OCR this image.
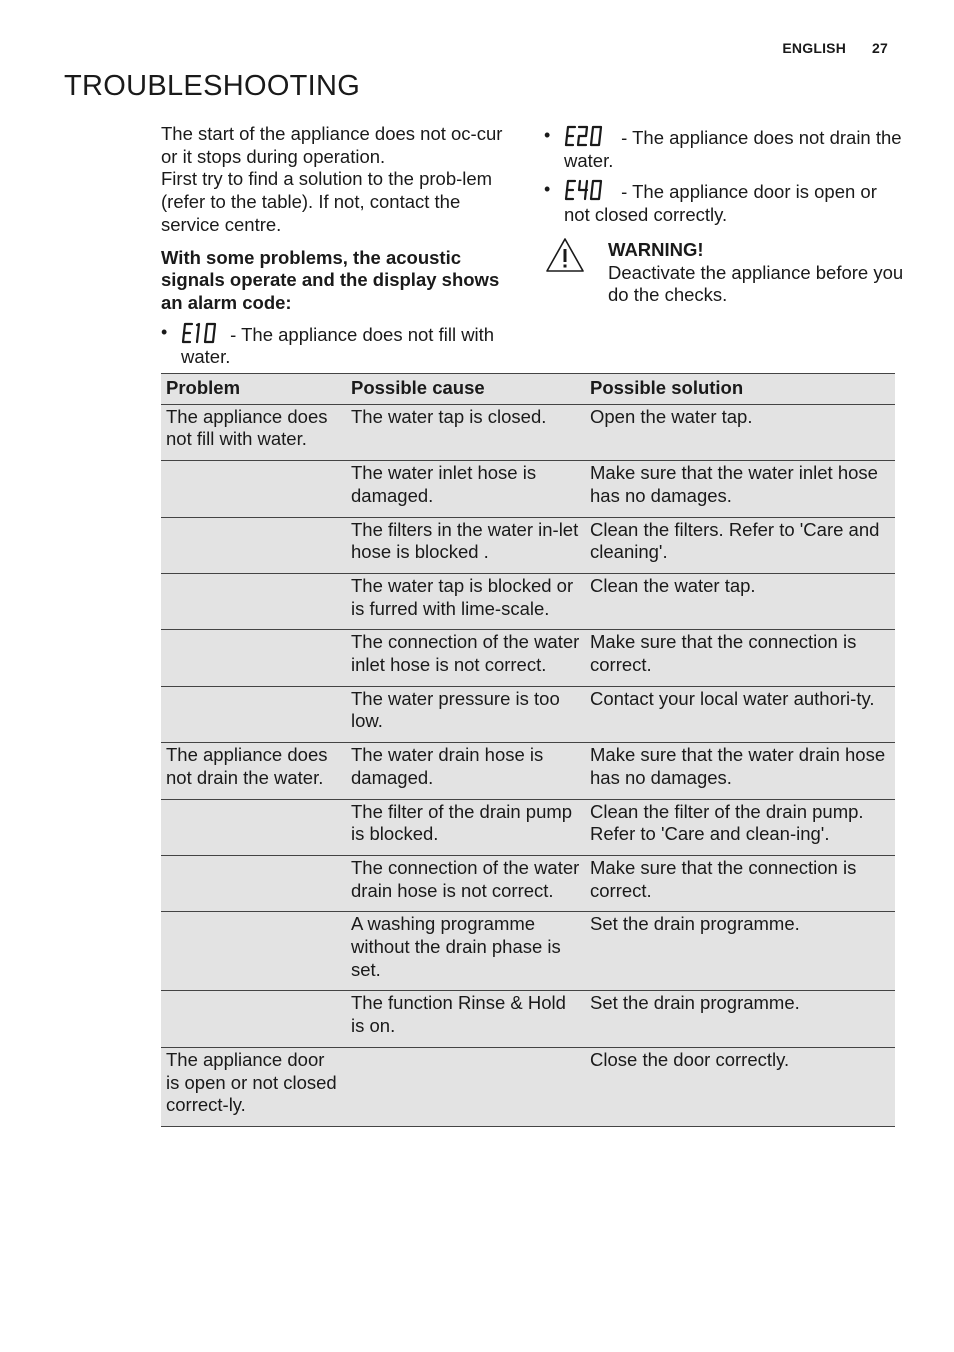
ENGLISH 27
TROUBLESHOOTING

The start of the appliance does not oc-cur or it stops during operation.

First try to find a solution to the prob-lem (refer to the table). If not, contact the service centre.

With some problems, the acoustic signals operate and the display shows an alarm code:

•	- The appliance does not fill with water.
•	- The appliance does not drain the water.
•	- The appliance door is open or not closed correctly.
WARNING!
Deactivate the appliance before you do the checks.
Problem	Possible cause	Possible solution
The appliance does not fill with water.	The water tap is closed.	Open the water tap.
	The water inlet hose is damaged.	Make sure that the water inlet hose has no damages.
	The filters in the water in-let hose is blocked .	Clean the filters. Refer to 'Care and cleaning'.
	The water tap is blocked or is furred with lime-scale.	Clean the water tap.
	The connection of the water inlet hose is not correct.	Make sure that the connection is correct.
	The water pressure is too low.	Contact your local water authori-ty.
The appliance does not drain the water.	The water drain hose is damaged.	Make sure that the water drain hose has no damages.
	The filter of the drain pump is blocked.	Clean the filter of the drain pump. Refer to 'Care and clean-ing'.
	The connection of the water drain hose is not correct.	Make sure that the connection is correct.
	A washing programme without the drain phase is set.	Set the drain programme.
	The function Rinse & Hold is on.	Set the drain programme.
The appliance door is open or not closed correct-ly.		Close the door correctly.
